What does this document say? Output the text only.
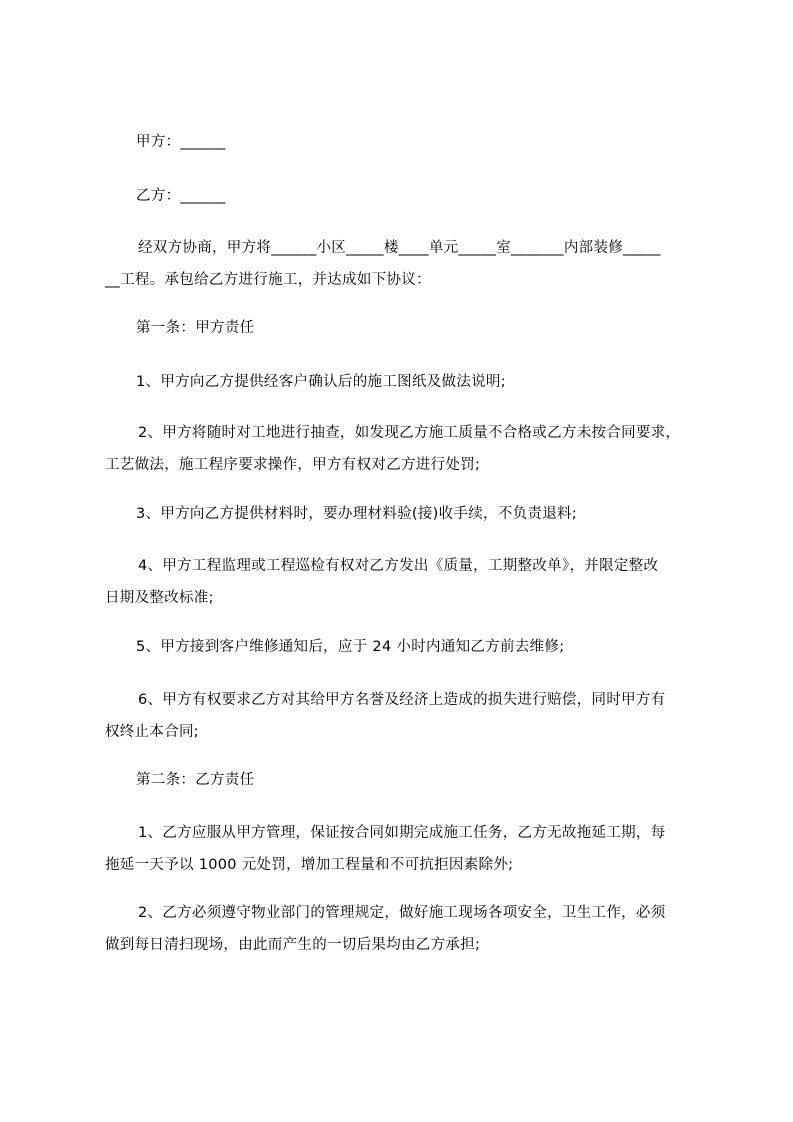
甲方：______
乙方：______
经双方协商，甲方将______小区_____楼____单元_____室_______内部装修_____
__工程。承包给乙方进行施工，并达成如下协议：
第一条：甲方责任
1、甲方向乙方提供经客户确认后的施工图纸及做法说明;
2、甲方将随时对工地进行抽查，如发现乙方施工质量不合格或乙方未按合同要求，
工艺做法，施工程序要求操作，甲方有权对乙方进行处罚;
3、甲方向乙方提供材料时，要办理材料验(接)收手续，不负责退料;
4、甲方工程监理或工程巡检有权对乙方发出《质量，工期整改单》，并限定整改
日期及整改标准;
5、甲方接到客户维修通知后，应于 24 小时内通知乙方前去维修;
6、甲方有权要求乙方对其给甲方名誉及经济上造成的损失进行赔偿，同时甲方有
权终止本合同;
第二条：乙方责任
1、乙方应服从甲方管理，保证按合同如期完成施工任务，乙方无故拖延工期，每
拖延一天予以 1000 元处罚，增加工程量和不可抗拒因素除外;
2、乙方必须遵守物业部门的管理规定，做好施工现场各项安全，卫生工作，必须
做到每日清扫现场，由此而产生的一切后果均由乙方承担;
